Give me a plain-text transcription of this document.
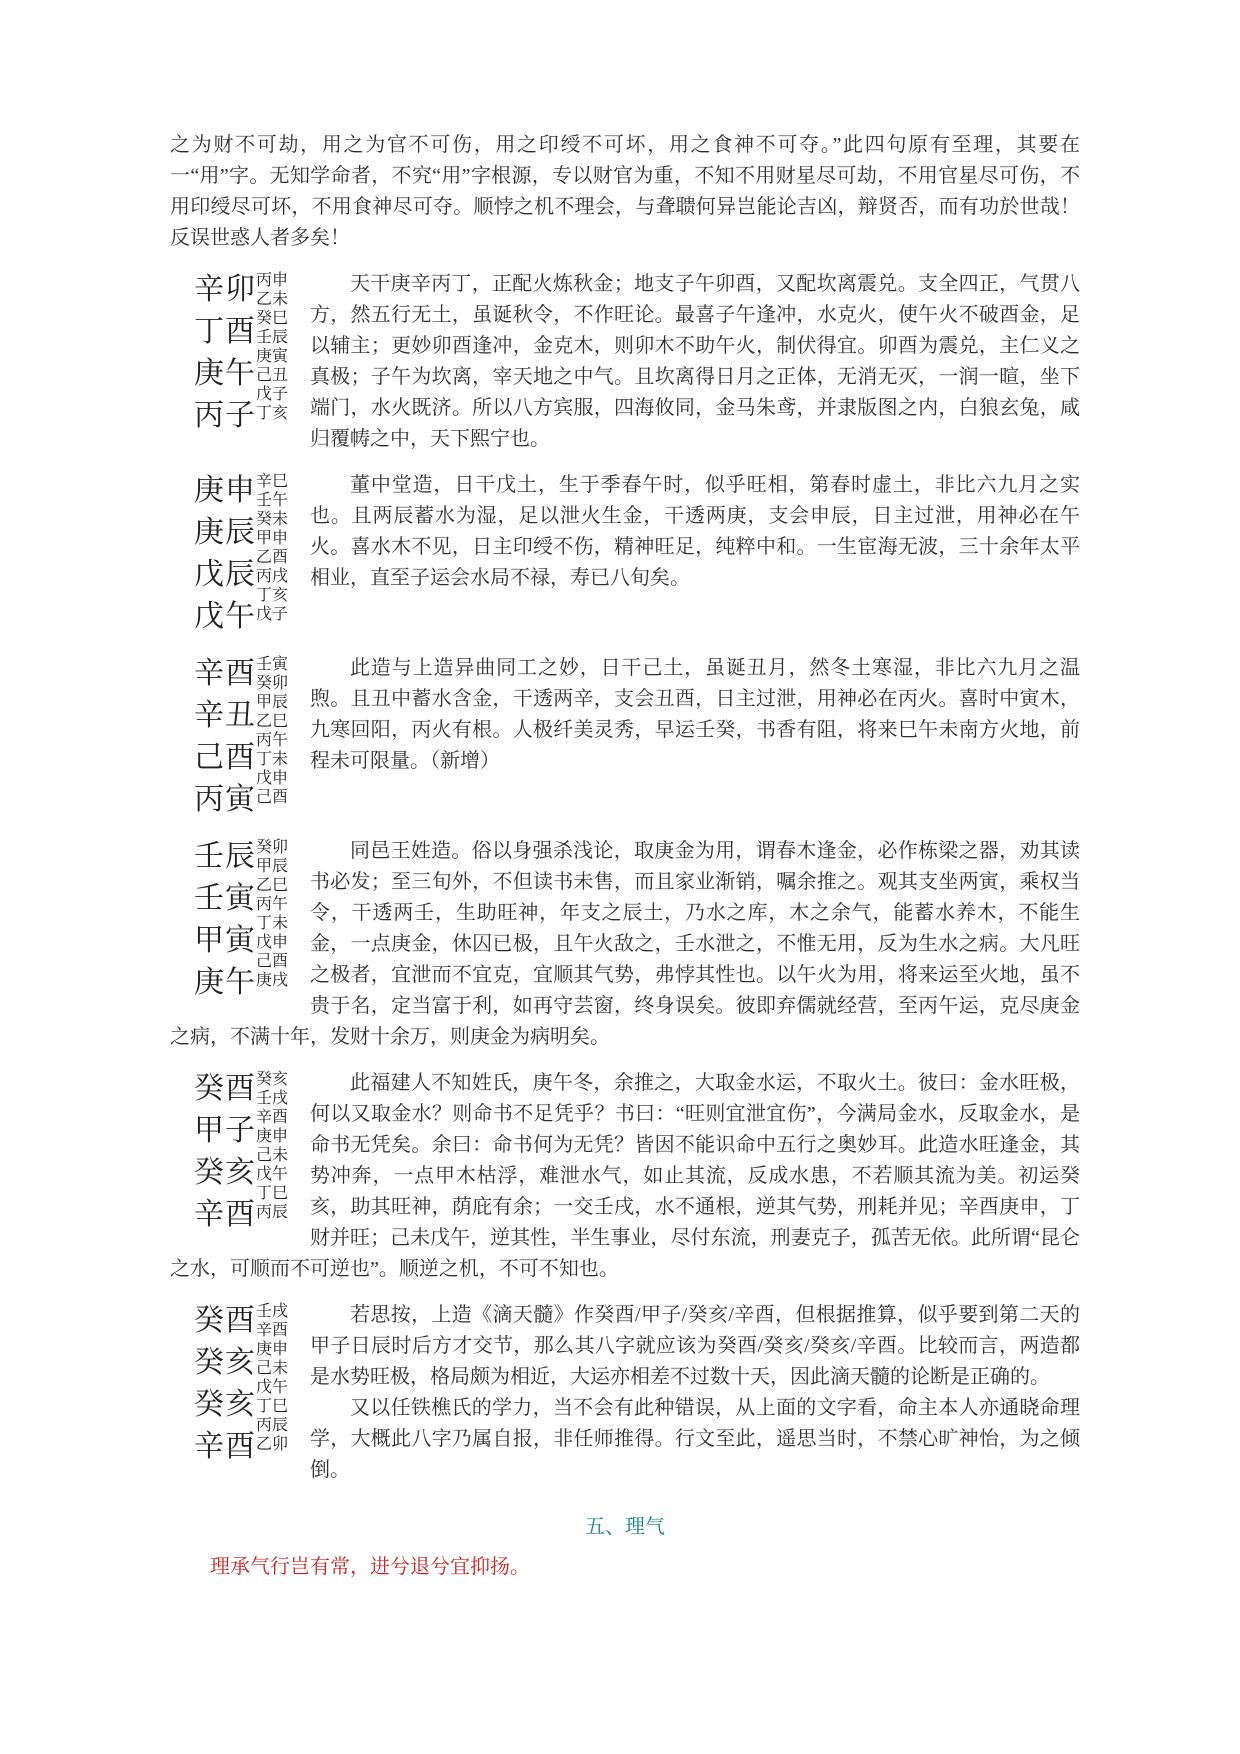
之为财不可劫，用之为官不可伤，用之印绶不可坏，用之食神不可夺。”此四句原有至理，其要在一“用”字。无知学命者，不究“用”字根源，专以财官为重，不知不用财星尽可劫，不用官星尽可伤，不用印绶尽可坏，不用食神尽可夺。顺悖之机不理会，与聋聩何异岂能论吉凶，辩贤否，而有功於世哉！反误世惑人者多矣！

辛卯
丁酉
庚午
丙子
丙申
乙未
癸巳
壬辰
庚寅
己丑
戊子
丁亥

天干庚辛丙丁，正配火炼秋金；地支子午卯酉，又配坎离震兑。支全四正，气贯八方，然五行无土，虽诞秋令，不作旺论。最喜子午逢冲，水克火，使午火不破酉金，足以辅主；更妙卯酉逢冲，金克木，则卯木不助午火，制伏得宜。卯酉为震兑，主仁义之真极；子午为坎离，宰天地之中气。且坎离得日月之正体，无消无灭，一润一暄，坐下端门，水火既济。所以八方宾服，四海攸同，金马朱鸢，并隶版图之内，白狼玄兔，咸归覆帱之中，天下熙宁也。

庚申
庚辰
戊辰
戊午
辛巳
壬午
癸未
甲申
乙酉
丙戌
丁亥
戊子

董中堂造，日干戊土，生于季春午时，似乎旺相，第春时虚土，非比六九月之实也。且两辰蓄水为湿，足以泄火生金，干透两庚，支会申辰，日主过泄，用神必在午火。喜水木不见，日主印绶不伤，精神旺足，纯粹中和。一生宦海无波，三十余年太平相业，直至子运会水局不禄，寿已八旬矣。

辛酉
辛丑
己酉
丙寅
壬寅
癸卯
甲辰
乙巳
丙午
丁未
戊申
己酉

此造与上造异曲同工之妙，日干己土，虽诞丑月，然冬土寒湿，非比六九月之温煦。且丑中蓄水含金，干透两辛，支会丑酉，日主过泄，用神必在丙火。喜时中寅木，九寒回阳，丙火有根。人极纤美灵秀，早运壬癸，书香有阻，将来巳午未南方火地，前程未可限量。（新增）

壬辰
壬寅
甲寅
庚午
癸卯
甲辰
乙巳
丙午
丁未
戊申
己酉
庚戌

同邑王姓造。俗以身强杀浅论，取庚金为用，谓春木逢金，必作栋梁之器，劝其读书必发；至三旬外，不但读书未售，而且家业渐销，嘱余推之。观其支坐两寅，乘权当令，干透两壬，生助旺神，年支之辰土，乃水之库，木之余气，能蓄水养木，不能生金，一点庚金，休囚已极，且午火敌之，壬水泄之，不惟无用，反为生水之病。大凡旺之极者，宜泄而不宜克，宜顺其气势，弗悖其性也。以午火为用，将来运至火地，虽不贵于名，定当富于利，如再守芸窗，终身误矣。彼即弃儒就经营，至丙午运，克尽庚金之病，不满十年，发财十余万，则庚金为病明矣。

癸酉
甲子
癸亥
辛酉
癸亥
壬戌
辛酉
庚申
己未
戊午
丁巳
丙辰

此福建人不知姓氏，庚午冬，余推之，大取金水运，不取火土。彼曰：金水旺极，何以又取金水？则命书不足凭乎？书曰：“旺则宜泄宜伤”，今满局金水，反取金水，是命书无凭矣。余曰：命书何为无凭？皆因不能识命中五行之奥妙耳。此造水旺逢金，其势冲奔，一点甲木枯浮，难泄水气，如止其流，反成水患，不若顺其流为美。初运癸亥，助其旺神，荫庇有余；一交壬戌，水不通根，逆其气势，刑耗并见；辛酉庚申，丁财并旺；己未戊午，逆其性，半生事业，尽付东流，刑妻克子，孤苦无依。此所谓“昆仑之水，可顺而不可逆也”。顺逆之机，不可不知也。

癸酉
癸亥
癸亥
辛酉
壬戌
辛酉
庚申
己未
戊午
丁巳
丙辰
乙卯

若思按，上造《滴天髓》作癸酉/甲子/癸亥/辛酉，但根据推算，似乎要到第二天的甲子日辰时后方才交节，那么其八字就应该为癸酉/癸亥/癸亥/辛酉。比较而言，两造都是水势旺极，格局颇为相近，大运亦相差不过数十天，因此滴天髓的论断是正确的。

又以任铁樵氏的学力，当不会有此种错误，从上面的文字看，命主本人亦通晓命理学，大概此八字乃属自报，非任师推得。行文至此，遥思当时，不禁心旷神怡，为之倾倒。

五、理气

理承气行岂有常，进兮退兮宜抑扬。
